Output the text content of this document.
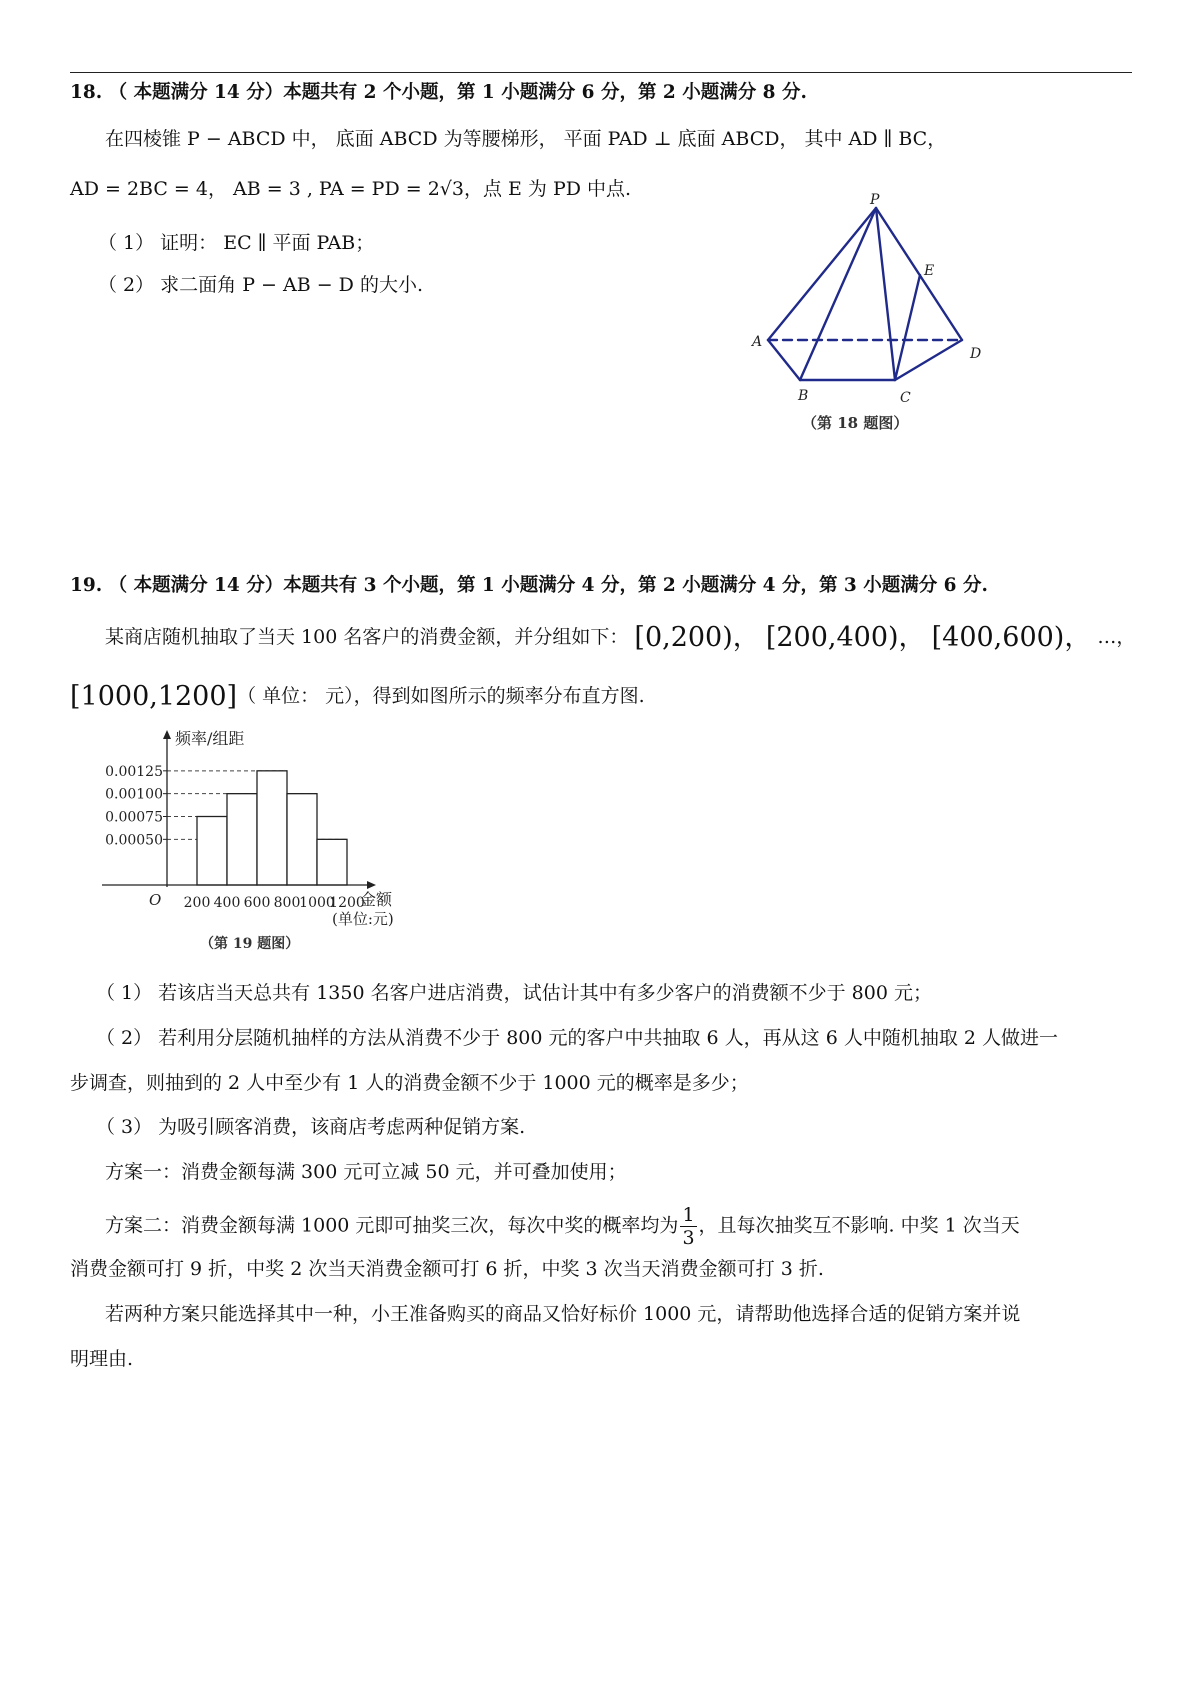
18. （ 本题满分 14 分）本题共有 2 个小题，第 1 小题满分 6 分，第 2 小题满分 8 分.
在四棱锥 P − ABCD 中， 底面 ABCD 为等腰梯形， 平面 PAD ⊥ 底面 ABCD， 其中 AD ∥ BC，
AD = 2BC = 4， AB = 3 , PA = PD = 2√3，点 E 为 PD 中点.
（ 1） 证明： EC ∥ 平面 PAB；
（ 2） 求二面角 P − AB − D 的大小.
P
E
A
D
B	C
（第 18 题图）
19. （ 本题满分 14 分）本题共有 3 个小题，第 1 小题满分 4 分，第 2 小题满分 4 分，第 3 小题满分 6 分.
某商店随机抽取了当天 100 名客户的消费金额，并分组如下： [0,200)， [200,400)， [400,600)， …，
[1000,1200]（ 单位： 元），得到如图所示的频率分布直方图.
0.00050
0.00075
0.00100
0.00125
200 400 600 800
1000
1200
O
频率/组距
金额
(单位:元)
（第 19 题图）
（ 1） 若该店当天总共有 1350 名客户进店消费，试估计其中有多少客户的消费额不少于 800 元；
（ 2） 若利用分层随机抽样的方法从消费不少于 800 元的客户中共抽取 6 人，再从这 6 人中随机抽取 2 人做进一
步调查，则抽到的 2 人中至少有 1 人的消费金额不少于 1000 元的概率是多少；
（ 3） 为吸引顾客消费，该商店考虑两种促销方案.
方案一：消费金额每满 300 元可立减 50 元，并可叠加使用；
方案二：消费金额每满 1000 元即可抽奖三次，每次中奖的概率均为 $\frac{1}{3}$ ，且每次抽奖互不影响. 中奖 1 次当天
消费金额可打 9 折，中奖 2 次当天消费金额可打 6 折，中奖 3 次当天消费金额可打 3 折.
若两种方案只能选择其中一种，小王准备购买的商品又恰好标价 1000 元，请帮助他选择合适的促销方案并说
明理由.
